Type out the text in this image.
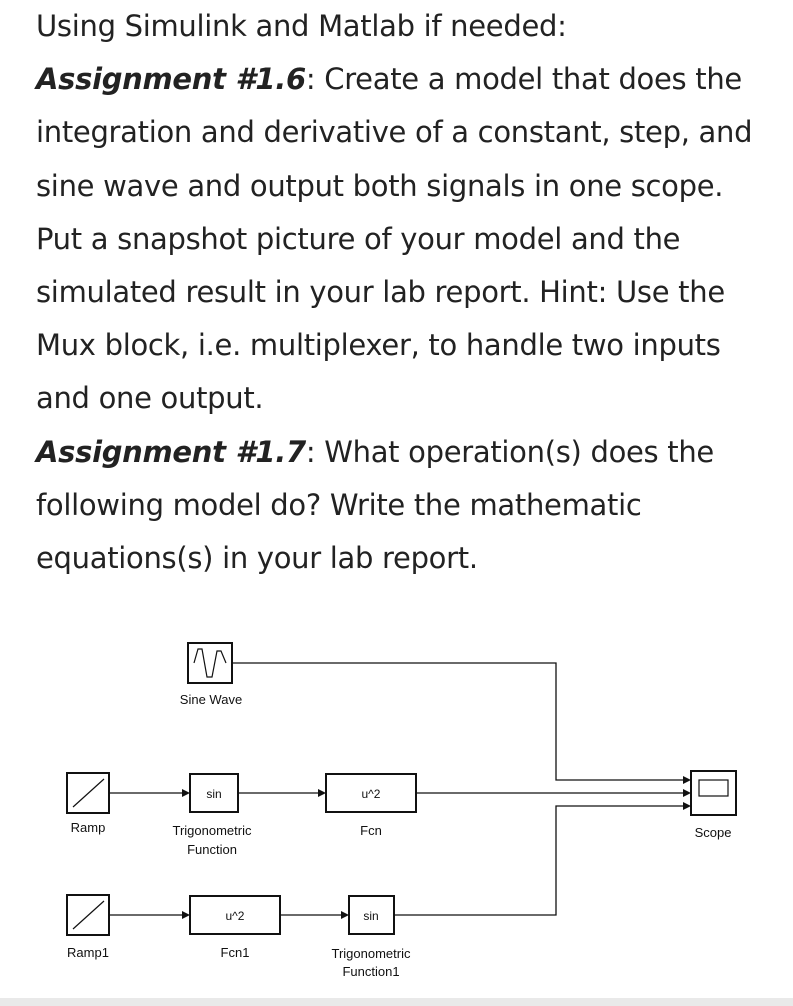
Using Simulink and Matlab if needed:

Assignment #1.6: Create a model that does the integration and derivative of a constant, step, and sine wave and output both signals in one scope. Put a snapshot picture of your model and the simulated result in your lab report. Hint: Use the Mux block, i.e. multiplexer, to handle two inputs and one output.

Assignment #1.7: What operation(s) does the following model do? Write the mathematic equations(s) in your lab report.

Sine Wave
Ramp
sin
Trigonometric
Function
u^2
Fcn	Scope
Ramp1
u^2
Fcn1
sin
Trigonometric
Function1
